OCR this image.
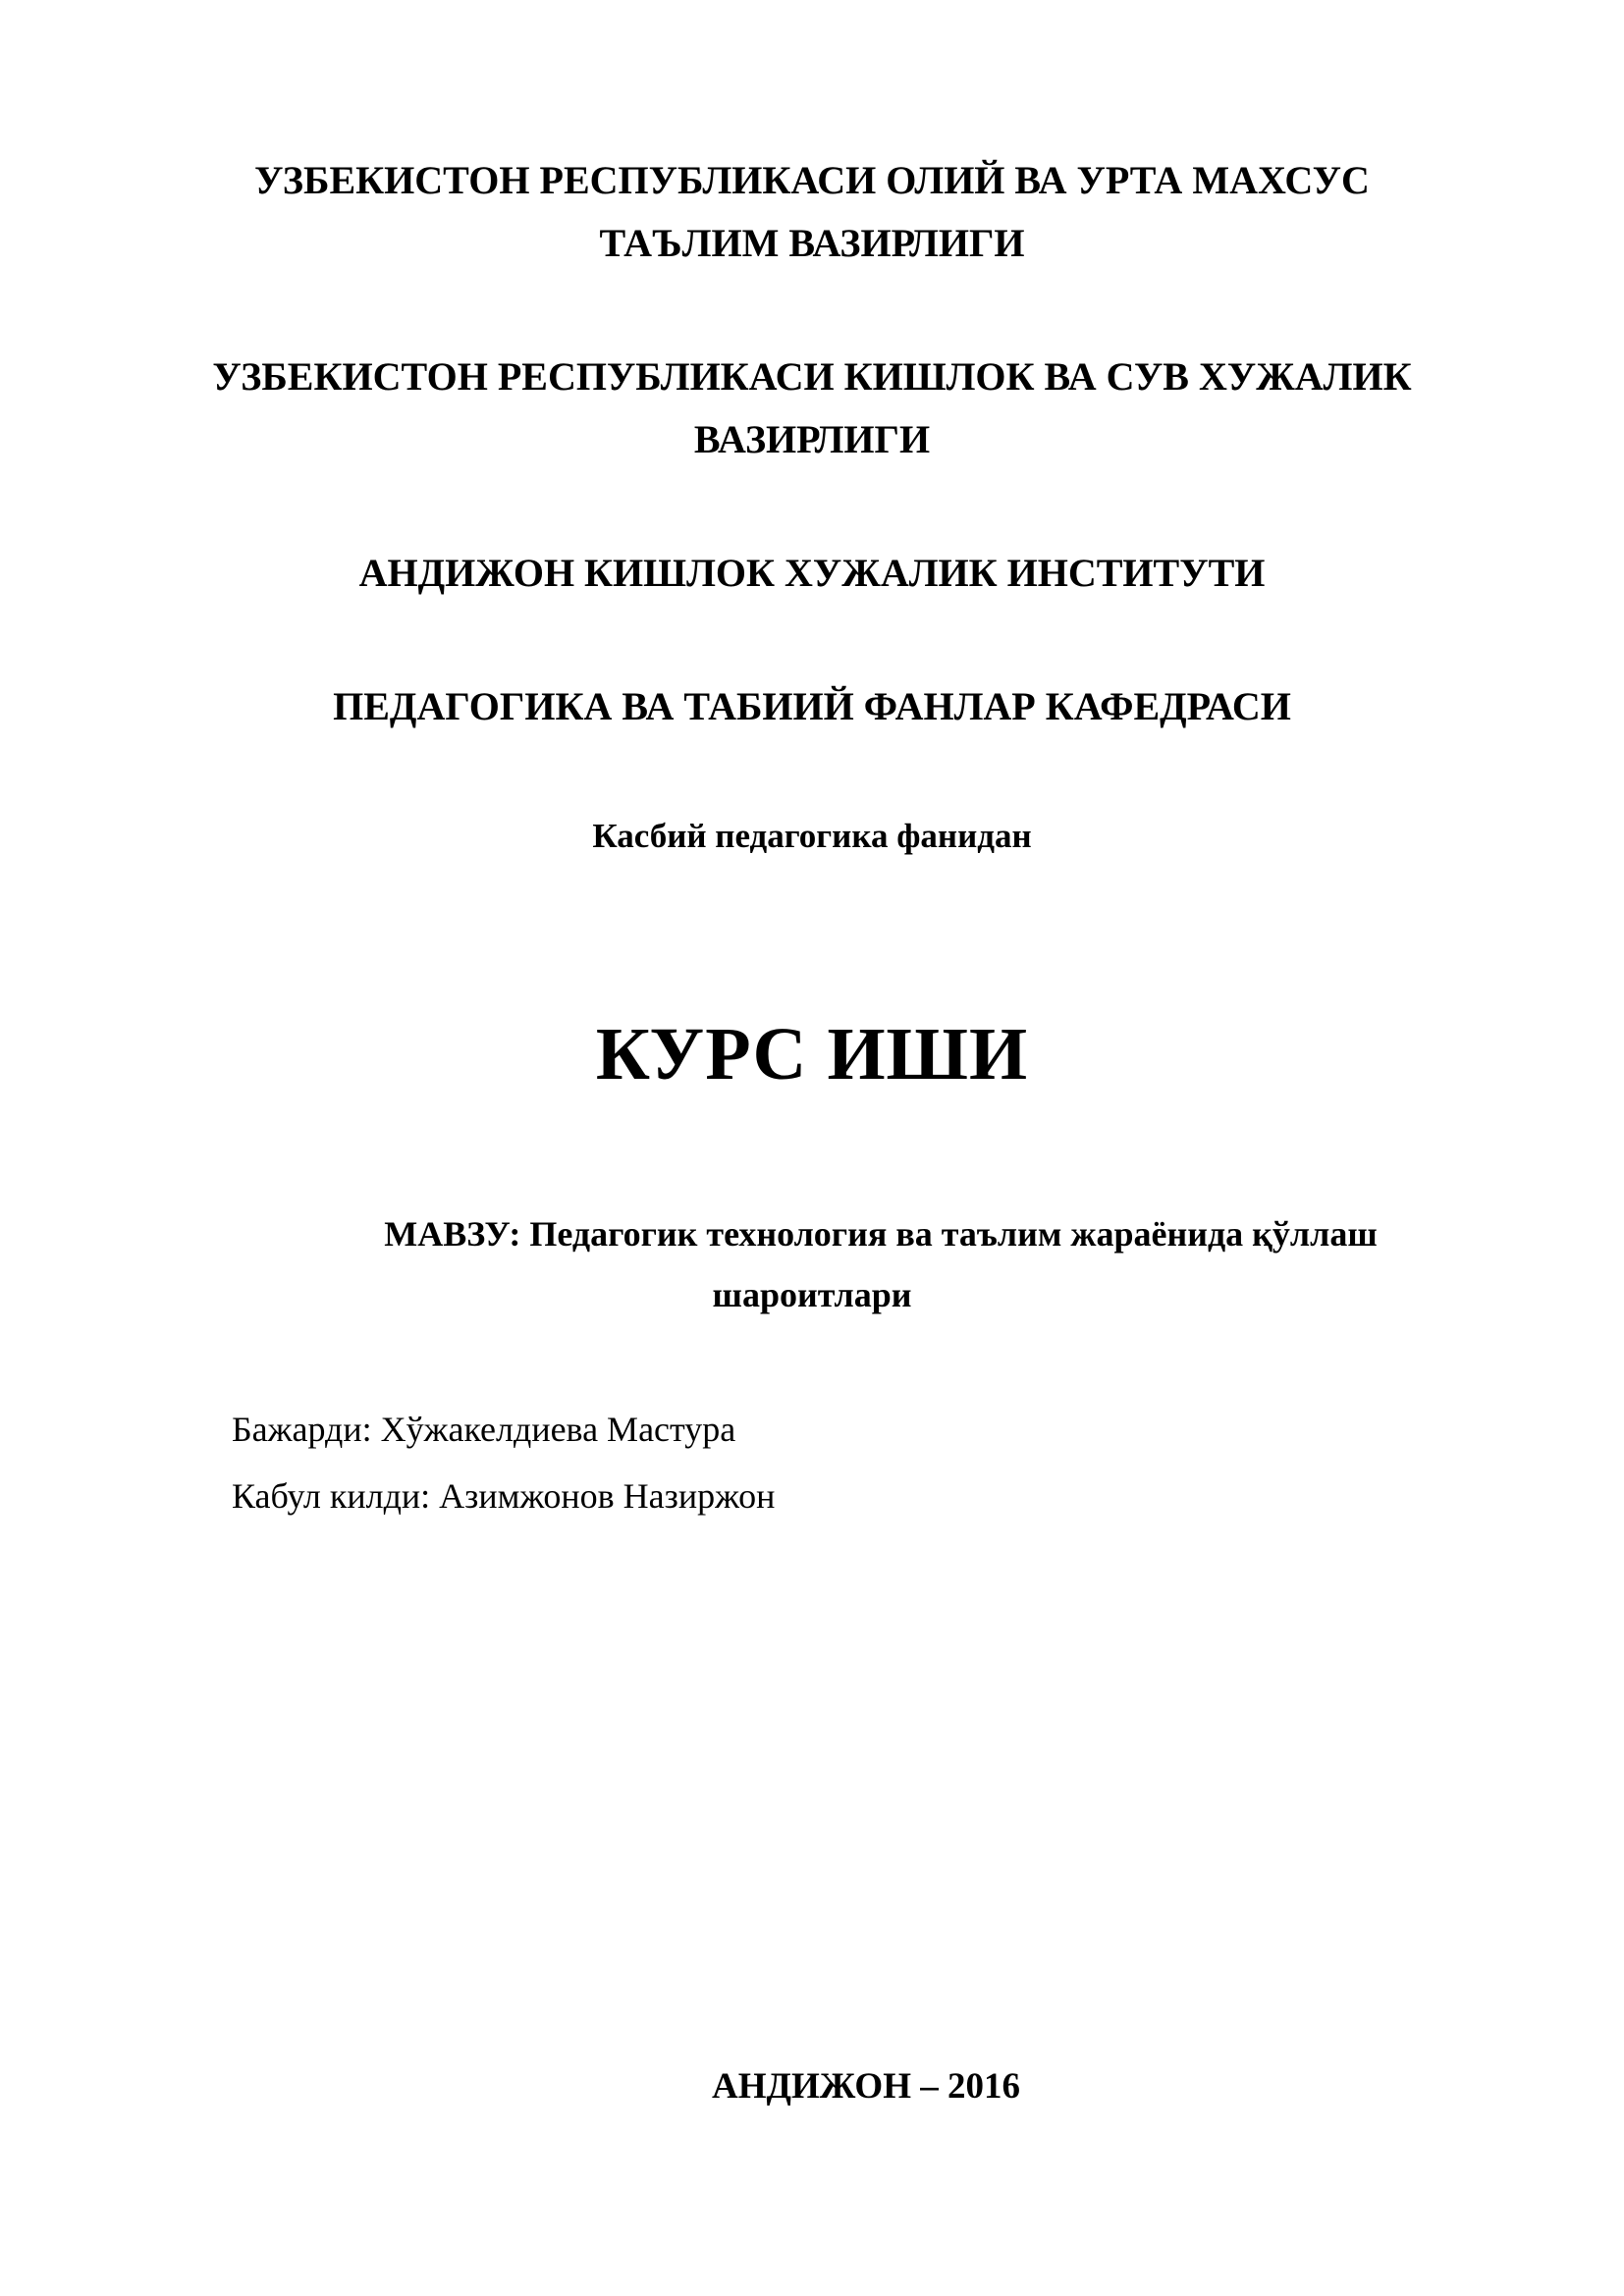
УЗБЕКИСТОН РЕСПУБЛИКАСИ ОЛИЙ ВА УРТА МАХСУС
ТАЪЛИМ ВАЗИРЛИГИ
УЗБЕКИСТОН РЕСПУБЛИКАСИ КИШЛОК ВА СУВ ХУЖАЛИК
ВАЗИРЛИГИ
АНДИЖОН КИШЛОК ХУЖАЛИК ИНСТИТУТИ
ПЕДАГОГИКА ВА ТАБИИЙ ФАНЛАР КАФЕДРАСИ
Касбий педагогика фанидан
КУРС ИШИ
МАВЗУ: Педагогик технология ва таълим жараёнида қўллаш
шароитлари
Бажарди: Хўжакелдиева Мастура
Кабул килди: Азимжонов Назиржон
АНДИЖОН – 2016
